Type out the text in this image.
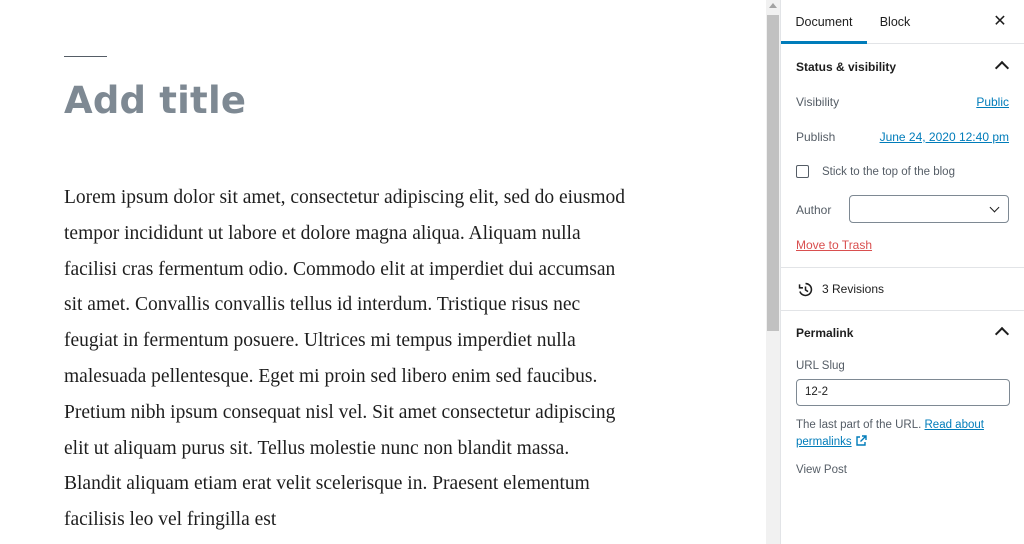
Add title

Lorem ipsum dolor sit amet, consectetur adipiscing elit, sed do eiusmod tempor incididunt ut labore et dolore magna aliqua. Aliquam nulla facilisi cras fermentum odio. Commodo elit at imperdiet dui accumsan sit amet. Convallis convallis tellus id interdum. Tristique risus nec feugiat in fermentum posuere. Ultrices mi tempus imperdiet nulla malesuada pellentesque. Eget mi proin sed libero enim sed faucibus. Pretium nibh ipsum consequat nisl vel. Sit amet consectetur adipiscing elit ut aliquam purus sit. Tellus molestie nunc non blandit massa. Blandit aliquam etiam erat velit scelerisque in. Praesent elementum facilisis leo vel fringilla est

Document	Block	✕
Status & visibility
Visibility	Public
Publish	June 24, 2020 12:40 pm
Stick to the top of the blog
Author
Move to Trash
3 Revisions
Permalink
URL Slug
12-2
The last part of the URL. Read about permalinks
View Post
